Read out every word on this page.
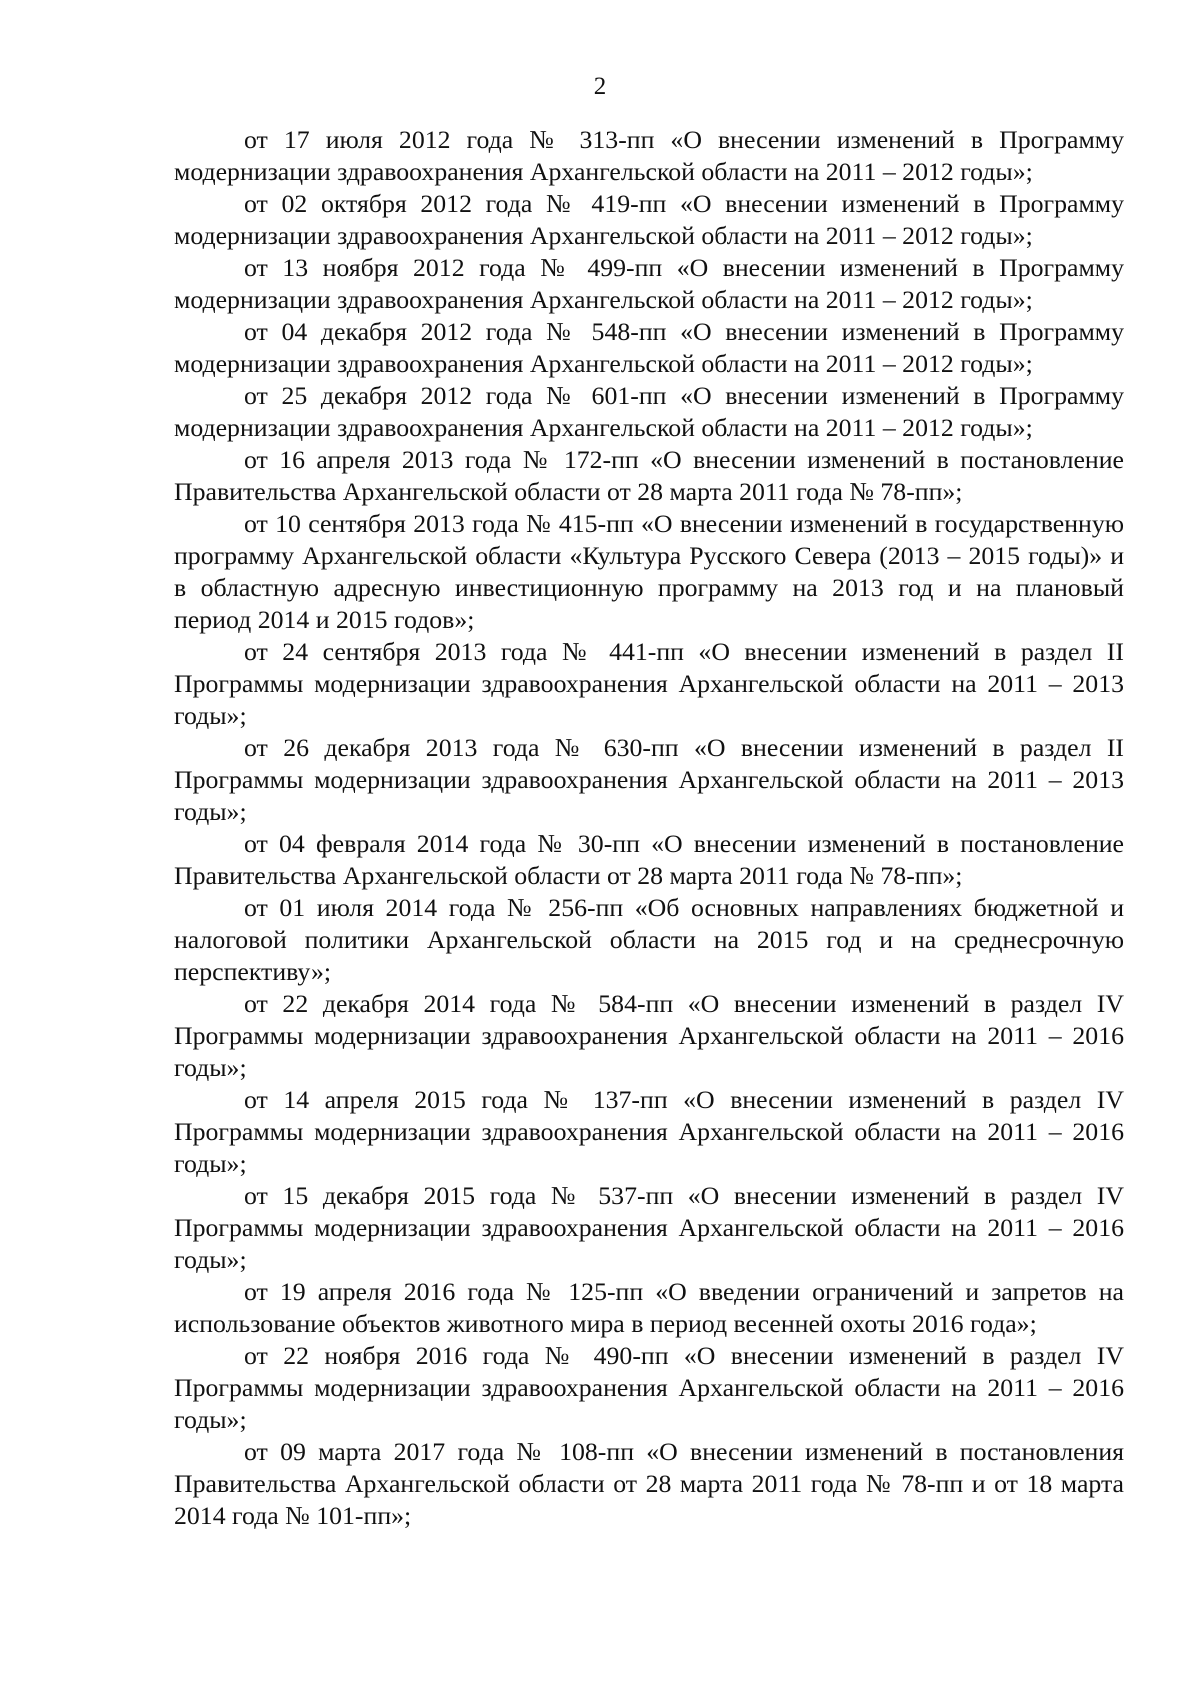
2

от 17 июля 2012 года № 313-пп «О внесении изменений в Программу модернизации здравоохранения Архангельской области на 2011 – 2012 годы»;

от 02 октября 2012 года № 419-пп «О внесении изменений в Программу модернизации здравоохранения Архангельской области на 2011 – 2012 годы»;

от 13 ноября 2012 года № 499-пп «О внесении изменений в Программу модернизации здравоохранения Архангельской области на 2011 – 2012 годы»;

от 04 декабря 2012 года № 548-пп «О внесении изменений в Программу модернизации здравоохранения Архангельской области на 2011 – 2012 годы»;

от 25 декабря 2012 года № 601-пп «О внесении изменений в Программу модернизации здравоохранения Архангельской области на 2011 – 2012 годы»;

от 16 апреля 2013 года № 172-пп «О внесении изменений в постановление Правительства Архангельской области от 28 марта 2011 года № 78-пп»;

от 10 сентября 2013 года № 415-пп «О внесении изменений в государственную программу Архангельской области «Культура Русского Севера (2013 – 2015 годы)» и в областную адресную инвестиционную программу на 2013 год и на плановый период 2014 и 2015 годов»;

от 24 сентября 2013 года № 441-пп «О внесении изменений в раздел II Программы модернизации здравоохранения Архангельской области на 2011 – 2013 годы»;

от 26 декабря 2013 года № 630-пп «О внесении изменений в раздел II Программы модернизации здравоохранения Архангельской области на 2011 – 2013 годы»;

от 04 февраля 2014 года № 30-пп «О внесении изменений в постановление Правительства Архангельской области от 28 марта 2011 года № 78-пп»;

от 01 июля 2014 года № 256-пп «Об основных направлениях бюджетной и налоговой политики Архангельской области на 2015 год и на среднесрочную перспективу»;

от 22 декабря 2014 года № 584-пп «О внесении изменений в раздел IV Программы модернизации здравоохранения Архангельской области на 2011 – 2016 годы»;

от 14 апреля 2015 года № 137-пп «О внесении изменений в раздел IV Программы модернизации здравоохранения Архангельской области на 2011 – 2016 годы»;

от 15 декабря 2015 года № 537-пп «О внесении изменений в раздел IV Программы модернизации здравоохранения Архангельской области на 2011 – 2016 годы»;

от 19 апреля 2016 года № 125-пп «О введении ограничений и запретов на использование объектов животного мира в период весенней охоты 2016 года»;

от 22 ноября 2016 года № 490-пп «О внесении изменений в раздел IV Программы модернизации здравоохранения Архангельской области на 2011 – 2016 годы»;

от 09 марта 2017 года № 108-пп «О внесении изменений в постановления Правительства Архангельской области от 28 марта 2011 года № 78-пп и от 18 марта 2014 года № 101-пп»;
